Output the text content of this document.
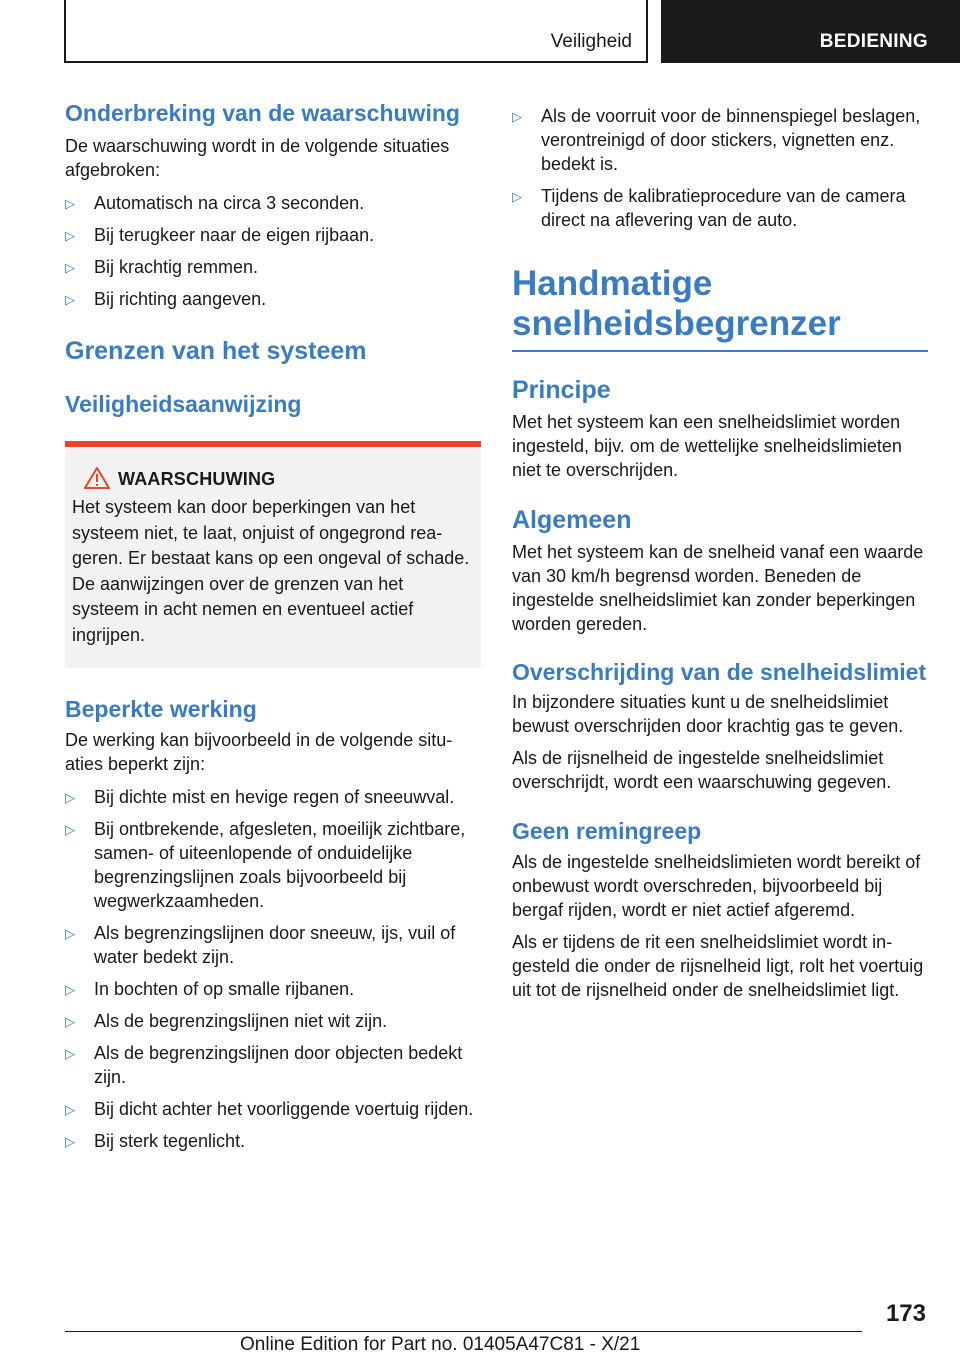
Veiligheid	BEDIENING
Onderbreking van de waarschuwing

De waarschuwing wordt in de volgende situaties afgebroken:

▷ Automatisch na circa 3 seconden.
▷ Bij terugkeer naar de eigen rijbaan.
▷ Bij krachtig remmen.
▷ Bij richting aangeven.
Grenzen van het systeem
Veiligheidsaanwijzing
WAARSCHUWING

Het systeem kan door beperkingen van het systeem niet, te laat, onjuist of ongegrond reageren. Er bestaat kans op een ongeval of schade. De aanwijzingen over de grenzen van het systeem in acht nemen en eventueel actief ingrijpen.

Beperkte werking

De werking kan bijvoorbeeld in de volgende situaties beperkt zijn:

▷ Bij dichte mist en hevige regen of sneeuwval.
▷ Bij ontbrekende, afgesleten, moeilijk zichtbare, samen- of uiteenlopende of onduidelijke begrenzingslijnen zoals bijvoorbeeld bij wegwerkzaamheden.
▷ Als begrenzingslijnen door sneeuw, ijs, vuil of water bedekt zijn.
▷ In bochten of op smalle rijbanen.
▷ Als de begrenzingslijnen niet wit zijn.
▷ Als de begrenzingslijnen door objecten bedekt zijn.
▷ Bij dicht achter het voorliggende voertuig rijden.
▷ Bij sterk tegenlicht.
▷ Als de voorruit voor de binnenspiegel beslagen, verontreinigd of door stickers, vignetten enz. bedekt is.
▷ Tijdens de kalibratieprocedure van de camera direct na aflevering van de auto.
Handmatige
snelheidsbegrenzer
Principe

Met het systeem kan een snelheidslimiet worden ingesteld, bijv. om de wettelijke snelheidslimieten niet te overschrijden.

Algemeen

Met het systeem kan de snelheid vanaf een waarde van 30 km/h begrensd worden. Beneden de ingestelde snelheidslimiet kan zonder beperkingen worden gereden.

Overschrijding van de snelheidslimiet

In bijzondere situaties kunt u de snelheidslimiet bewust overschrijden door krachtig gas te geven.

Als de rijsnelheid de ingestelde snelheidslimiet overschrijdt, wordt een waarschuwing gegeven.

Geen remingreep

Als de ingestelde snelheidslimieten wordt bereikt of onbewust wordt overschreden, bijvoorbeeld bij bergaf rijden, wordt er niet actief afgeremd.

Als er tijdens de rit een snelheidslimiet wordt ingesteld die onder de rijsnelheid ligt, rolt het voertuig uit tot de rijsnelheid onder de snelheidslimiet ligt.

173
Online Edition for Part no. 01405A47C81 - X/21
